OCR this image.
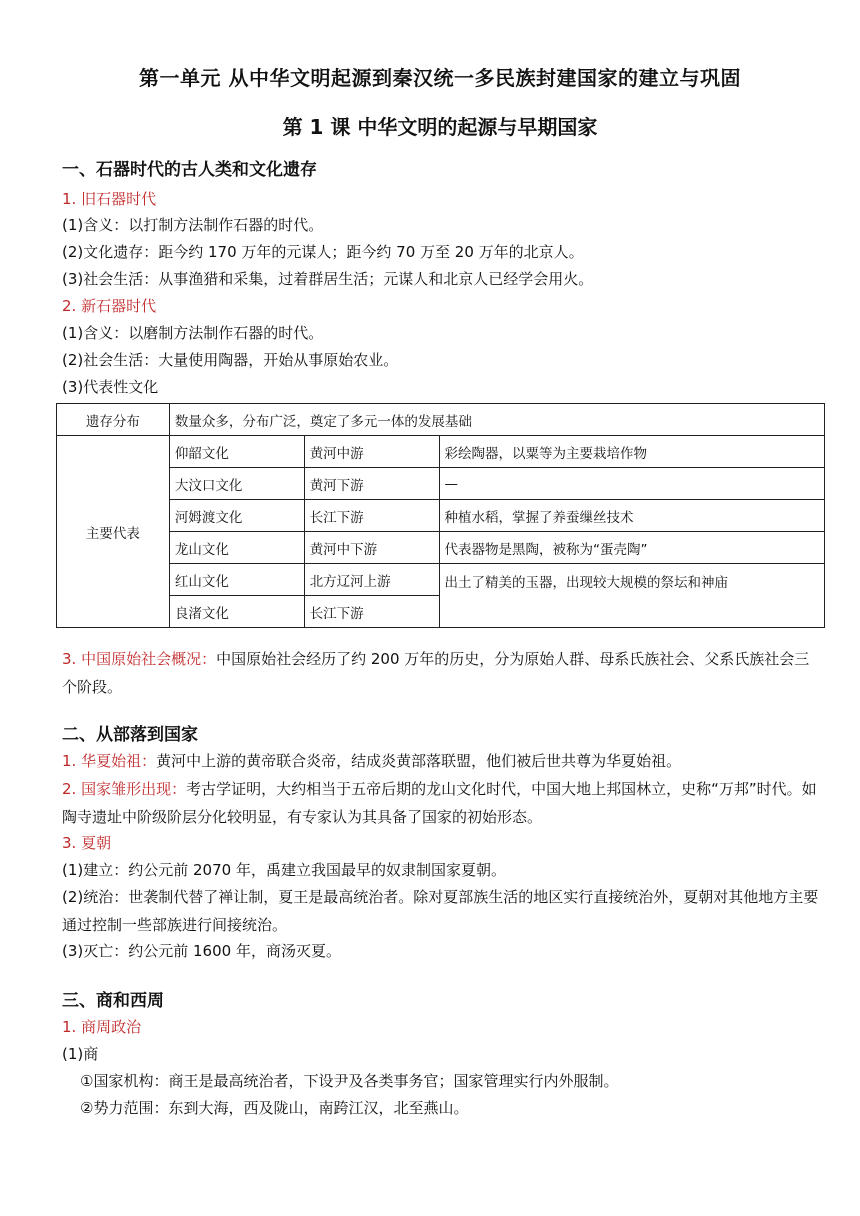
第一单元 从中华文明起源到秦汉统一多民族封建国家的建立与巩固
第 1 课 中华文明的起源与早期国家
一、石器时代的古人类和文化遗存
1. 旧石器时代
(1)含义：以打制方法制作石器的时代。
(2)文化遗存：距今约 170 万年的元谋人；距今约 70 万至 20 万年的北京人。
(3)社会生活：从事渔猎和采集，过着群居生活；元谋人和北京人已经学会用火。
2. 新石器时代
(1)含义：以磨制方法制作石器的时代。
(2)社会生活：大量使用陶器，开始从事原始农业。
(3)代表性文化
遗存分布	数量众多，分布广泛，奠定了多元一体的发展基础		
主要代表	仰韶文化	黄河中游	彩绘陶器，以粟等为主要栽培作物
	大汶口文化	黄河下游	—
	河姆渡文化	长江下游	种植水稻，掌握了养蚕缫丝技术
	龙山文化	黄河中下游	代表器物是黑陶，被称为“蛋壳陶”
	红山文化	北方辽河上游	出土了精美的玉器，出现较大规模的祭坛和神庙
	良渚文化	长江下游	
3. 中国原始社会概况：中国原始社会经历了约 200 万年的历史，分为原始人群、母系氏族社会、父系氏族社会三个阶段。
二、从部落到国家
1. 华夏始祖：黄河中上游的黄帝联合炎帝，结成炎黄部落联盟，他们被后世共尊为华夏始祖。
2. 国家雏形出现：考古学证明，大约相当于五帝后期的龙山文化时代，中国大地上邦国林立，史称“万邦”时代。如陶寺遗址中阶级阶层分化较明显，有专家认为其具备了国家的初始形态。
3. 夏朝
(1)建立：约公元前 2070 年，禹建立我国最早的奴隶制国家夏朝。
(2)统治：世袭制代替了禅让制，夏王是最高统治者。除对夏部族生活的地区实行直接统治外，夏朝对其他地方主要通过控制一些部族进行间接统治。
(3)灭亡：约公元前 1600 年，商汤灭夏。
三、商和西周
1. 商周政治
(1)商
①国家机构：商王是最高统治者，下设尹及各类事务官；国家管理实行内外服制。
②势力范围：东到大海，西及陇山，南跨江汉，北至燕山。
